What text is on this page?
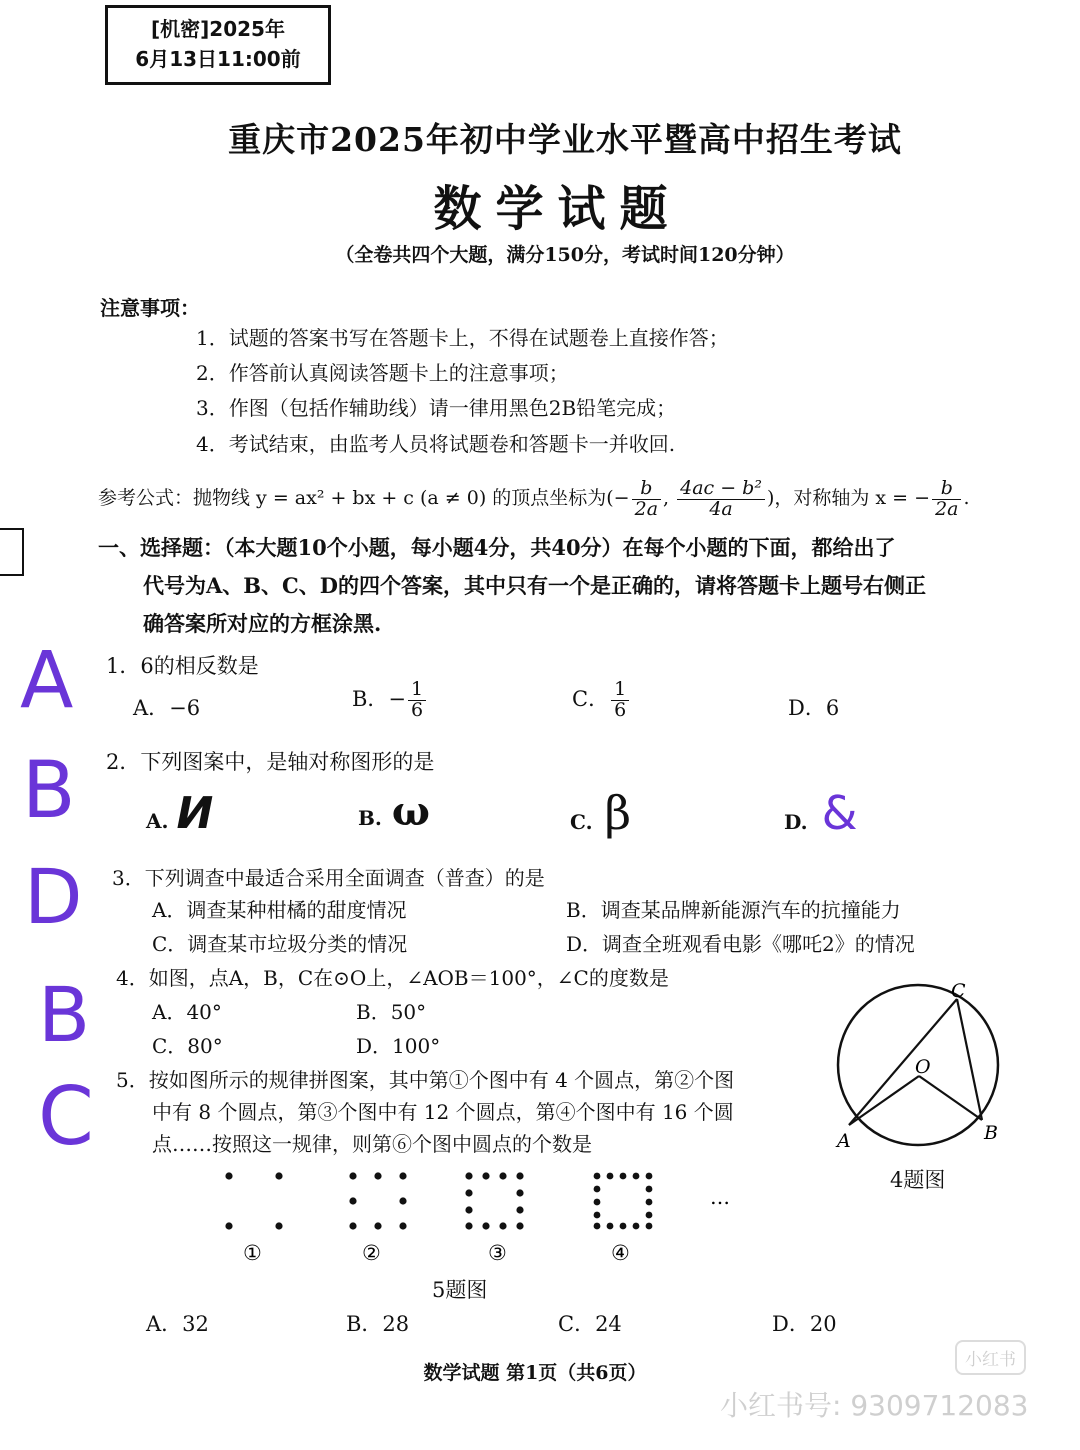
[机密]2025年
6月13日11:00前
重庆市2025年初中学业水平暨高中招生考试
数学试题
（全卷共四个大题，满分150分，考试时间120分钟）
注意事项：
1．试题的答案书写在答题卡上，不得在试题卷上直接作答；
2．作答前认真阅读答题卡上的注意事项；
3．作图（包括作辅助线）请一律用黑色2B铅笔完成；
4．考试结束，由监考人员将试题卷和答题卡一并收回.
参考公式：抛物线 y = ax² + bx + c (a ≠ 0) 的顶点坐标为(− $\frac{b}{2a}$ , $\frac{\text{4ac − b²}}{4a}$ )，对称轴为 x = − $\frac{b}{2a}$ .
一、选择题：（本大题10个小题，每小题4分，共40分）在每个小题的下面，都给出了
代号为A、B、C、D的四个答案，其中只有一个是正确的，请将答题卡上题号右侧正
确答案所对应的方框涂黑.
1．6的相反数是
A．−6	B．− $\frac{1}{6}$	C． $\frac{1}{6}$	D．6
2．下列图案中，是轴对称图形的是
A. И	B. ω	C. β	D. &
3．下列调查中最适合采用全面调查（普查）的是
A．调查某种柑橘的甜度情况	B．调查某品牌新能源汽车的抗撞能力
C．调查某市垃圾分类的情况	D．调查全班观看电影《哪吒2》的情况
4．如图，点A，B，C在⊙O上，∠AOB＝100°，∠C的度数是
A．40°	B．50°
C．80°	D．100°
C
O
A	B
4题图
5．按如图所示的规律拼图案，其中第①个图中有 4 个圆点，第②个图
中有 8 个圆点，第③个图中有 12 个圆点，第④个图中有 16 个圆
点……按照这一规律，则第⑥个图中圆点的个数是
…
①	②	③	④
5题图
A．32	B．28	C．24	D．20
A
B
D
B
C
数学试题 第1页（共6页）
小红书
小红书号: 9309712083
